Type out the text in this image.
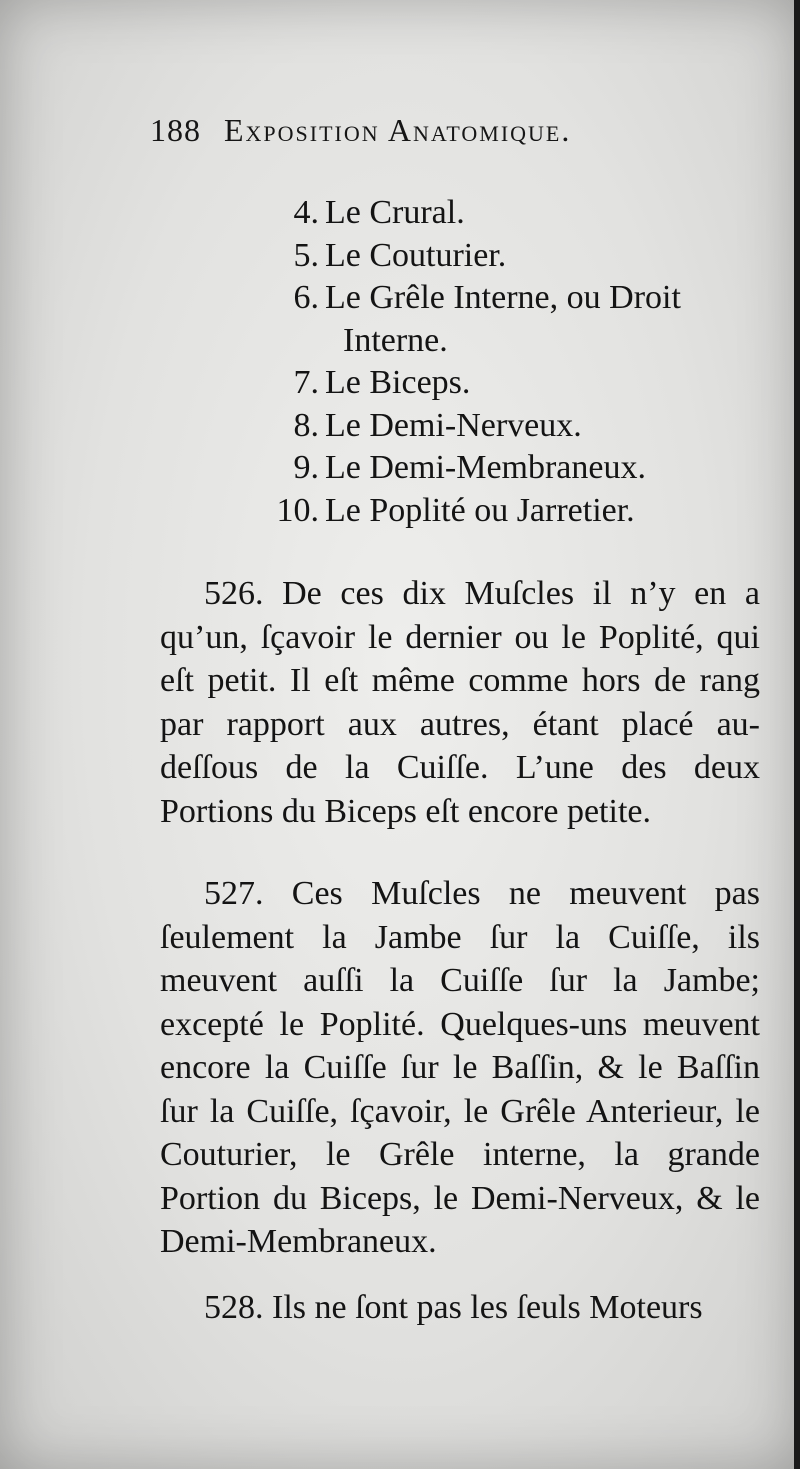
188 Exposition Anatomique.
4. Le Crural.
5. Le Couturier.
6. Le Grêle Interne, ou Droit
Interne.
7. Le Biceps.
8. Le Demi-Nerveux.
9. Le Demi-Membraneux.
10. Le Poplité ou Jarretier.

526. De ces dix Muſcles il n’y en a qu’un, ſçavoir le dernier ou le Poplité, qui eſt petit. Il eſt même comme hors de rang par rapport aux autres, étant placé au-deſſous de la Cuiſſe. L’une des deux Portions du Biceps eſt encore petite.

527. Ces Muſcles ne meuvent pas ſeulement la Jambe ſur la Cuiſſe, ils meuvent auſſi la Cuiſſe ſur la Jambe; excepté le Poplité. Quelques-uns meuvent encore la Cuiſſe ſur le Baſſin, & le Baſſin ſur la Cuiſſe, ſçavoir, le Grêle Anterieur, le Couturier, le Grêle interne, la grande Portion du Biceps, le Demi-Nerveux, & le Demi-Membraneux.

528. Ils ne ſont pas les ſeuls Moteurs
